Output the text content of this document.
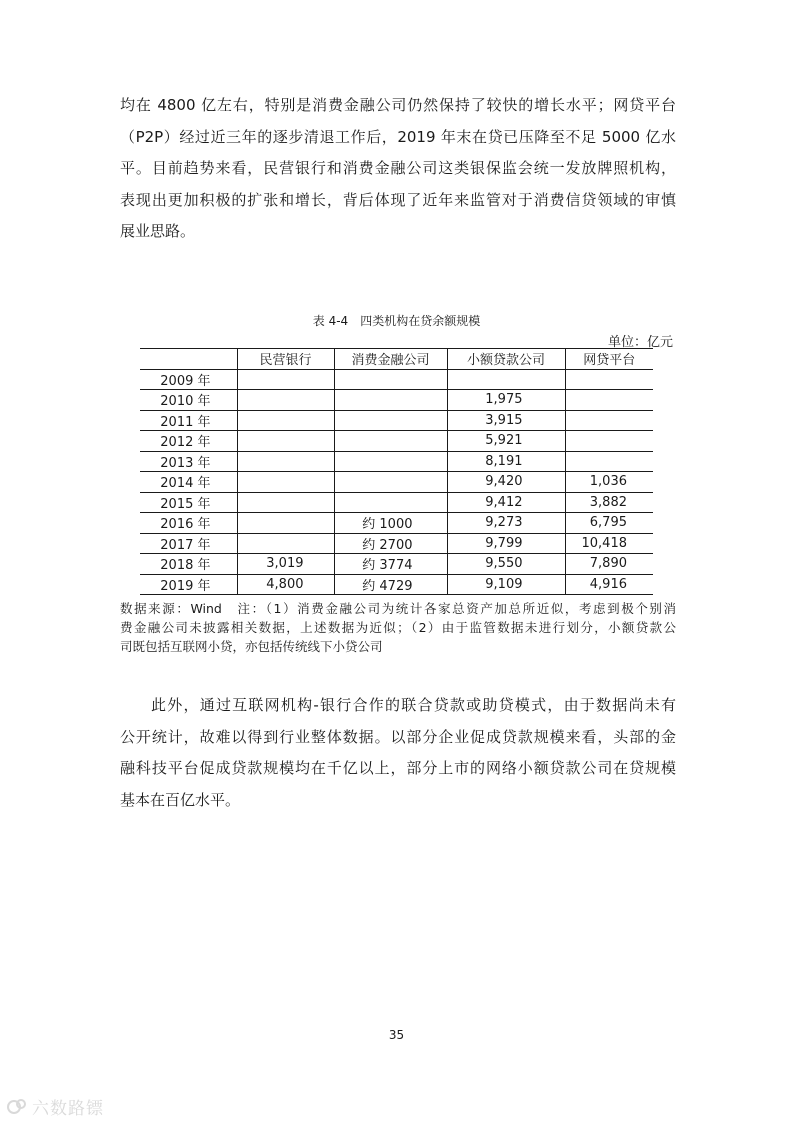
均在 4800 亿左右，特别是消费金融公司仍然保持了较快的增长水平；网贷平台
（P2P）经过近三年的逐步清退工作后，2019 年末在贷已压降至不足 5000 亿水
平。目前趋势来看，民营银行和消费金融公司这类银保监会统一发放牌照机构，
表现出更加积极的扩张和增长，背后体现了近年来监管对于消费信贷领域的审慎
展业思路。
表 4-4　四类机构在贷余额规模
单位：亿元
	民营银行	消费金融公司	小额贷款公司	网贷平台
2009 年				
2010 年			1,975	
2011 年			3,915	
2012 年			5,921	
2013 年			8,191	
2014 年			9,420	1,036
2015 年			9,412	3,882
2016 年		约 1000	9,273	6,795
2017 年		约 2700	9,799	10,418
2018 年	3,019	约 3774	9,550	7,890
2019 年	4,800	约 4729	9,109	4,916
数据来源：Wind　注：（1）消费金融公司为统计各家总资产加总所近似，考虑到极个别消
费金融公司未披露相关数据，上述数据为近似；（2）由于监管数据未进行划分，小额贷款公
司既包括互联网小贷，亦包括传统线下小贷公司
此外，通过互联网机构-银行合作的联合贷款或助贷模式，由于数据尚未有
公开统计，故难以得到行业整体数据。以部分企业促成贷款规模来看，头部的金
融科技平台促成贷款规模均在千亿以上，部分上市的网络小额贷款公司在贷规模
基本在百亿水平。
35
六数路镖
